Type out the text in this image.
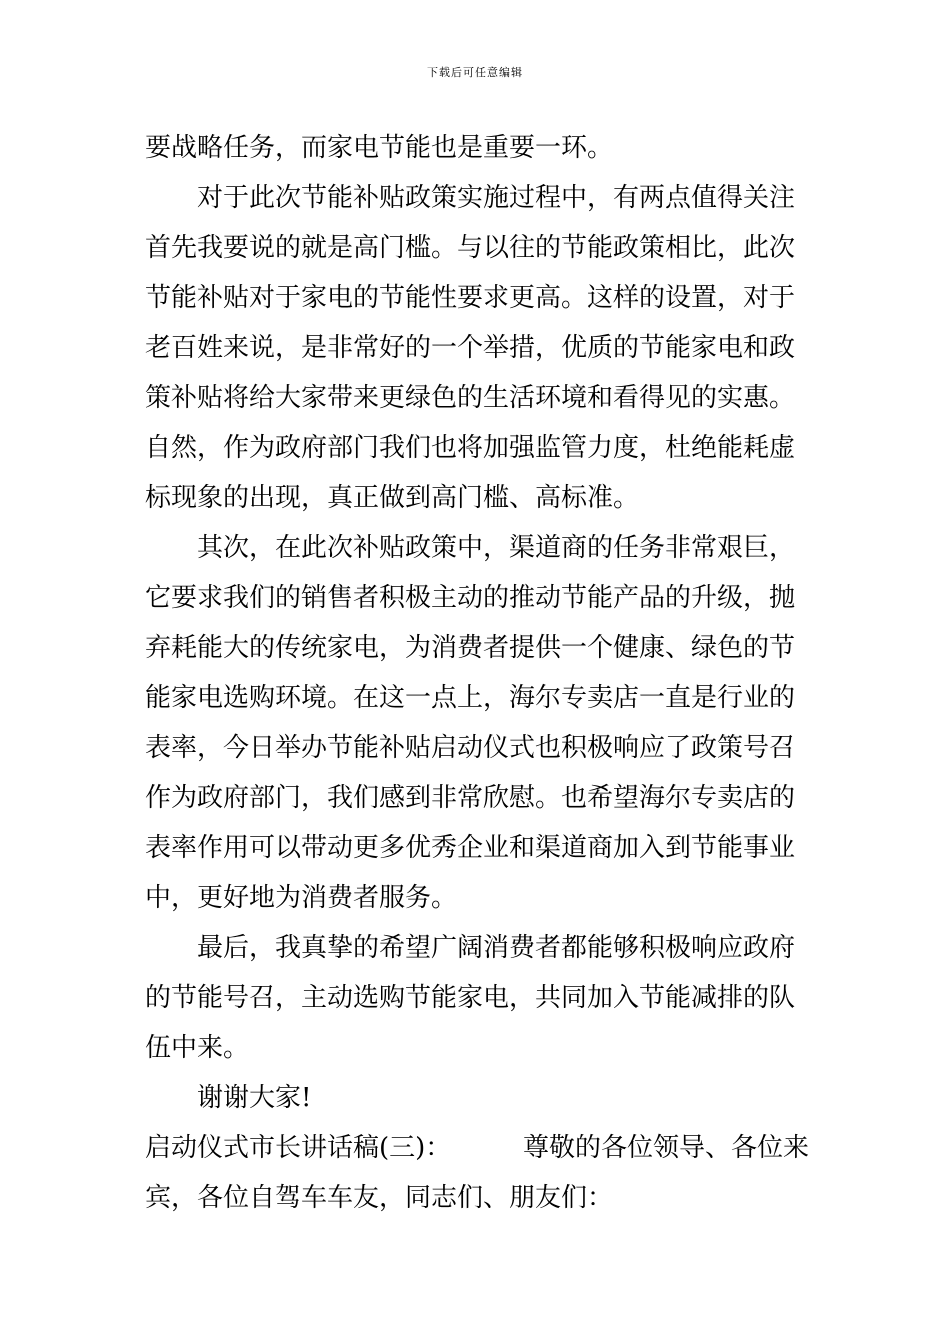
下载后可任意编辑
要战略任务，而家电节能也是重要一环。
对于此次节能补贴政策实施过程中，有两点值得关注
首先我要说的就是高门槛。与以往的节能政策相比，此次
节能补贴对于家电的节能性要求更高。这样的设置，对于
老百姓来说，是非常好的一个举措，优质的节能家电和政
策补贴将给大家带来更绿色的生活环境和看得见的实惠。
自然，作为政府部门我们也将加强监管力度，杜绝能耗虚
标现象的出现，真正做到高门槛、高标准。
其次，在此次补贴政策中，渠道商的任务非常艰巨，
它要求我们的销售者积极主动的推动节能产品的升级，抛
弃耗能大的传统家电，为消费者提供一个健康、绿色的节
能家电选购环境。在这一点上，海尔专卖店一直是行业的
表率，今日举办节能补贴启动仪式也积极响应了政策号召
作为政府部门，我们感到非常欣慰。也希望海尔专卖店的
表率作用可以带动更多优秀企业和渠道商加入到节能事业
中，更好地为消费者服务。
最后，我真挚的希望广阔消费者都能够积极响应政府
的节能号召，主动选购节能家电，共同加入节能减排的队
伍中来。
谢谢大家!
启动仪式市长讲话稿(三)：	尊敬的各位领导、各位来
宾，各位自驾车车友，同志们、朋友们：
